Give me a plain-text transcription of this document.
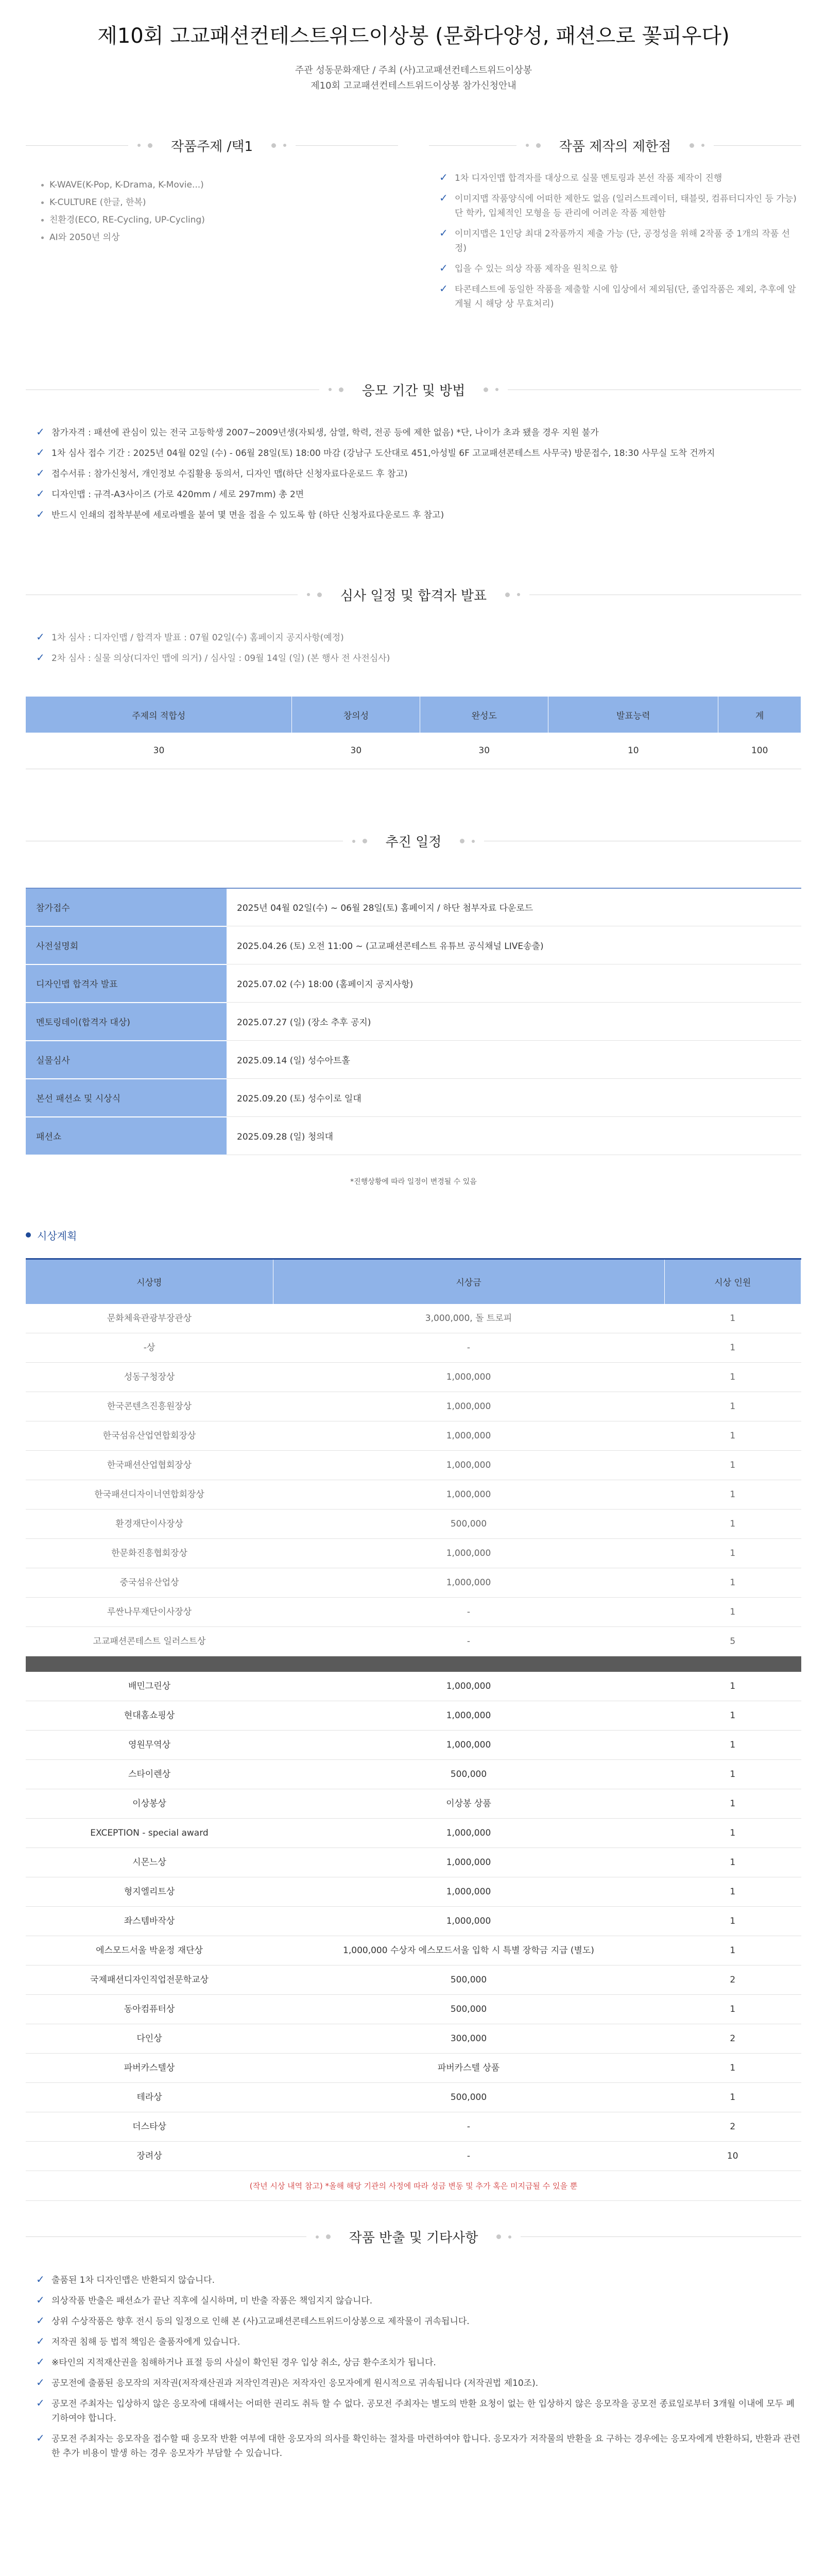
제10회 고교패션컨테스트위드이상봉 (문화다양성, 패션으로 꽃피우다)
주관 성동문화재단 / 주최 (사)고교패션컨테스트위드이상봉
제10회 고교패션컨테스트위드이상봉 참가신청안내
작품주제 /택1
K-WAVE(K-Pop, K-Drama, K-Movie...)
K-CULTURE (한글, 한복)
친환경(ECO, RE-Cycling, UP-Cycling)
AI와 2050년 의상
작품 제작의 제한점
✓ 1차 디자인맵 합격자를 대상으로 실물 멘토링과 본선 작품 제작이 진행
✓ 이미지맵 작품양식에 어떠한 제한도 없음 (일러스트레이터, 태블릿, 컴퓨터디자인 등 가능) 단 학카, 입체적인 모형을 등 관리에 어려운 작품 제한함
✓ 이미지맵은 1인당 최대 2작품까지 제출 가능 (단, 공정성을 위해 2작품 중 1개의 작품 선정)
✓ 입을 수 있는 의상 작품 제작을 원칙으로 함
✓ 타콘테스트에 동일한 작품을 제출할 시에 입상에서 제외됨(단, 졸업작품은 제외, 추후에 알게될 시 해당 상 무효처리)
응모 기간 및 방법
✓ 참가자격 : 패션에 관심이 있는 전국 고등학생 2007~2009년생(자퇴생, 삼열, 학력, 전공 등에 제한 없음) *단, 나이가 초과 됐을 경우 지원 불가
✓ 1차 심사 접수 기간 : 2025년 04월 02일 (수) - 06월 28일(토) 18:00 마감 (강남구 도산대로 451,아성빌 6F 고교패션콘테스트 사무국) 방문접수, 18:30 사무실 도착 건까지
✓ 접수서류 : 참가신청서, 개인정보 수집활용 동의서, 디자인 맵(하단 신청자료다운로드 후 참고)
✓ 디자인맵 : 규격-A3사이즈 (가로 420mm / 세로 297mm) 총 2면
✓ 반드시 인쇄의 접착부분에 세로라벨을 붙여 몇 면을 접을 수 있도록 함 (하단 신청자료다운로드 후 참고)
심사 일정 및 합격자 발표
✓ 1차 심사 : 디자인맵 / 합격자 발표 : 07월 02일(수) 홈페이지 공지사항(예정)
✓ 2차 심사 : 실물 의상(디자인 맵에 의거) / 심사일 : 09월 14일 (일) (본 행사 전 사전심사)
주제의 적합성	창의성	완성도	발표능력	계
30	30	30	10	100
추진 일정
참가접수	2025년 04월 02일(수) ~ 06월 28일(토) 홈페이지 / 하단 첨부자료 다운로드
사전설명회	2025.04.26 (토) 오전 11:00 ~ (고교패션콘테스트 유튜브 공식채널 LIVE송출)
디자인맵 합격자 발표	2025.07.02 (수) 18:00 (홈페이지 공지사항)
멘토링데이(합격자 대상)	2025.07.27 (일) (장소 추후 공지)
실물심사	2025.09.14 (일) 성수아트홀
본선 패션쇼 및 시상식	2025.09.20 (토) 성수이로 일대
패션쇼	2025.09.28 (일) 청의대
*진행상황에 따라 일정이 변경될 수 있음
시상계획
시상명	시상금	시상 인원
문화체육관광부장관상	3,000,000, 돌 트로피	1
-상	-	1
성동구청장상	1,000,000	1
한국콘텐츠진흥원장상	1,000,000	1
한국섬유산업연합회장상	1,000,000	1
한국패션산업협회장상	1,000,000	1
한국패션디자이너연합회장상	1,000,000	1
환경재단이사장상	500,000	1
한문화진흥협회장상	1,000,000	1
중국섬유산업상	1,000,000	1
루싼나무재단이사장상	-	1
고교패션콘테스트 일러스트상	-	5

배민그린상	1,000,000	1
현대홈쇼핑상	1,000,000	1
영원무역상	1,000,000	1
스타이렌상	500,000	1
이상봉상	이상봉 상품	1
EXCEPTION - special award	1,000,000	1
시몬느상	1,000,000	1
형지엘리트상	1,000,000	1
좌스템바작상	1,000,000	1
에스모드서울 박윤정 재단상	1,000,000 수상자 에스모드서울 입학 시 특별 장학금 지급 (별도)	1
국제패션디자인직업전문학교상	500,000	2
동아컴퓨터상	500,000	1
다인상	300,000	2
파버카스텔상	파버카스텔 상품	1
테라상	500,000	1
더스타상	-	2
장려상	-	10
(작년 시상 내역 참고) *올해 해당 기관의 사정에 따라 성금 변동 및 추가 혹은 미지급될 수 있을 뿐
작품 반출 및 기타사항
✓ 출품된 1차 디자인맵은 반환되지 않습니다.
✓ 의상작품 반출은 패션쇼가 끝난 직후에 실시하며, 미 반출 작품은 책임지지 않습니다.
✓ 상위 수상작품은 향후 전시 등의 일정으로 인해 본 (사)고교패션콘테스트위드이상봉으로 제작물이 귀속됩니다.
✓ 저작권 침해 등 법적 책임은 출품자에게 있습니다.
✓ ※타인의 지적재산권을 침해하거나 표절 등의 사실이 확인된 경우 입상 취소, 상금 환수조치가 됩니다.
✓ 공모전에 출품된 응모작의 저작권(저작재산권과 저작인격권)은 저작자인 응모자에게 원시적으로 귀속됩니다 (저작권법 제10조).
✓ 공모전 주최자는 입상하지 않은 응모작에 대해서는 어떠한 권리도 취득 할 수 없다. 공모전 주최자는 별도의 반환 요청이 없는 한 입상하지 않은 응모작을 공모전 종료일로부터 3개월 이내에 모두 폐기하여야 합니다.
✓ 공모전 주최자는 응모작을 접수할 때 응모작 반환 여부에 대한 응모자의 의사를 확인하는 절차를 마련하여야 합니다. 응모자가 저작물의 반환을 요 구하는 경우에는 응모자에게 반환하되, 반환과 관련한 추가 비용이 발생 하는 경우 응모자가 부담할 수 있습니다.
